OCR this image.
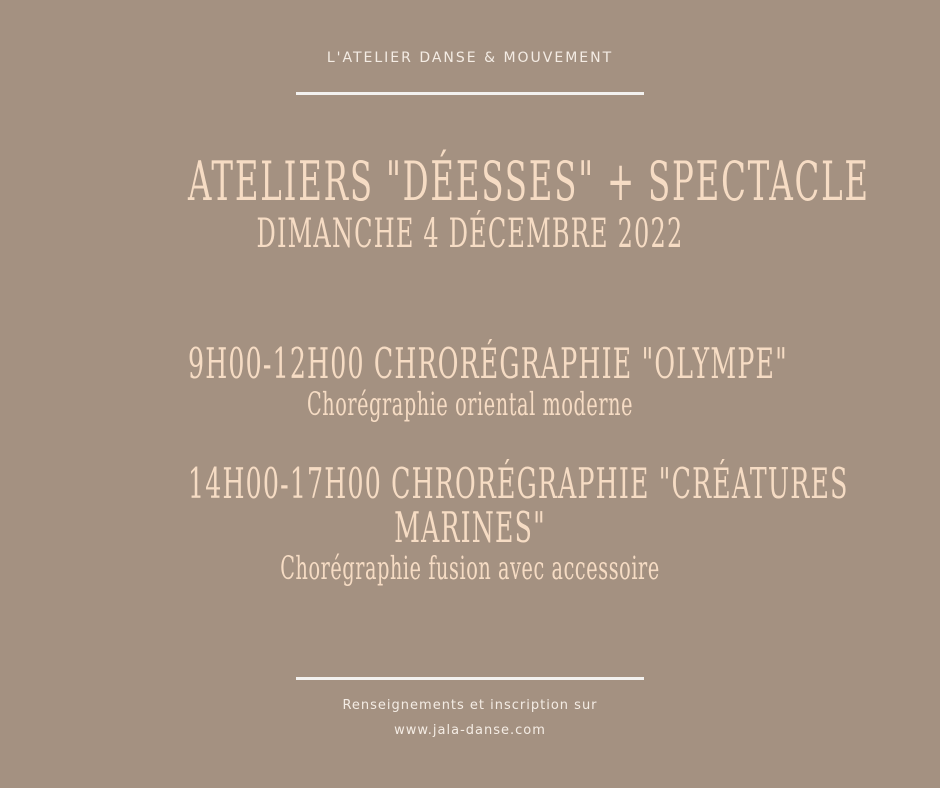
L'ATELIER DANSE & MOUVEMENT
ATELIERS "DÉESSES" + SPECTACLE
DIMANCHE 4 DÉCEMBRE 2022
9H00-12H00 CHRORÉGRAPHIE "OLYMPE"
Chorégraphie oriental moderne
14H00-17H00 CHRORÉGRAPHIE "CRÉATURES
MARINES"
Chorégraphie fusion avec accessoire
Renseignements et inscription sur
www.jala-danse.com
